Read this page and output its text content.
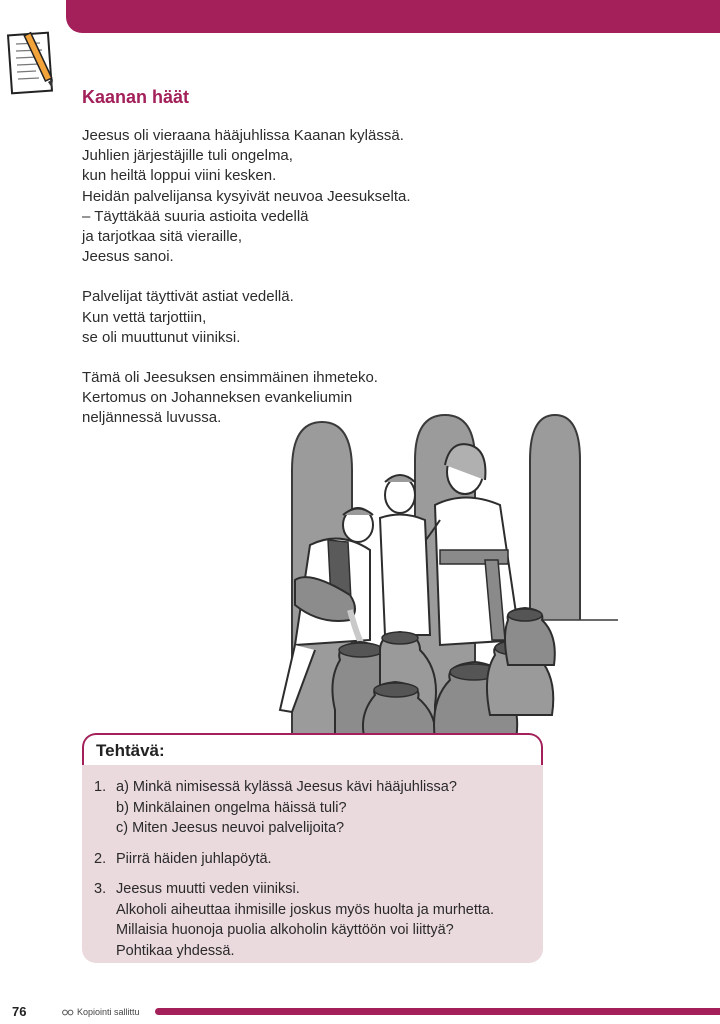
Kaanan häät

Jeesus oli vieraana hääjuhlissa Kaanan kylässä.
Juhlien järjestäjille tuli ongelma,
kun heiltä loppui viini kesken.
Heidän palvelijansa kysyivät neuvoa Jeesukselta.
– Täyttäkää suuria astioita vedellä
ja tarjotkaa sitä vieraille,
Jeesus sanoi.

Palvelijat täyttivät astiat vedellä.
Kun vettä tarjottiin,
se oli muuttunut viiniksi.

Tämä oli Jeesuksen ensimmäinen ihmeteko.
Kertomus on Johanneksen evankeliumin
neljännessä luvussa.

Tehtävä:
1. a) Minkä nimisessä kylässä Jeesus kävi hääjuhlissa?
b) Minkälainen ongelma häissä tuli?
c) Miten Jeesus neuvoi palvelijoita?
2. Piirrä häiden juhlapöytä.
3. Jeesus muutti veden viiniksi.
Alkoholi aiheuttaa ihmisille joskus myös huolta ja murhetta.
Millaisia huonoja puolia alkoholin käyttöön voi liittyä?
Pohtikaa yhdessä.
76	Kopiointi sallittu
